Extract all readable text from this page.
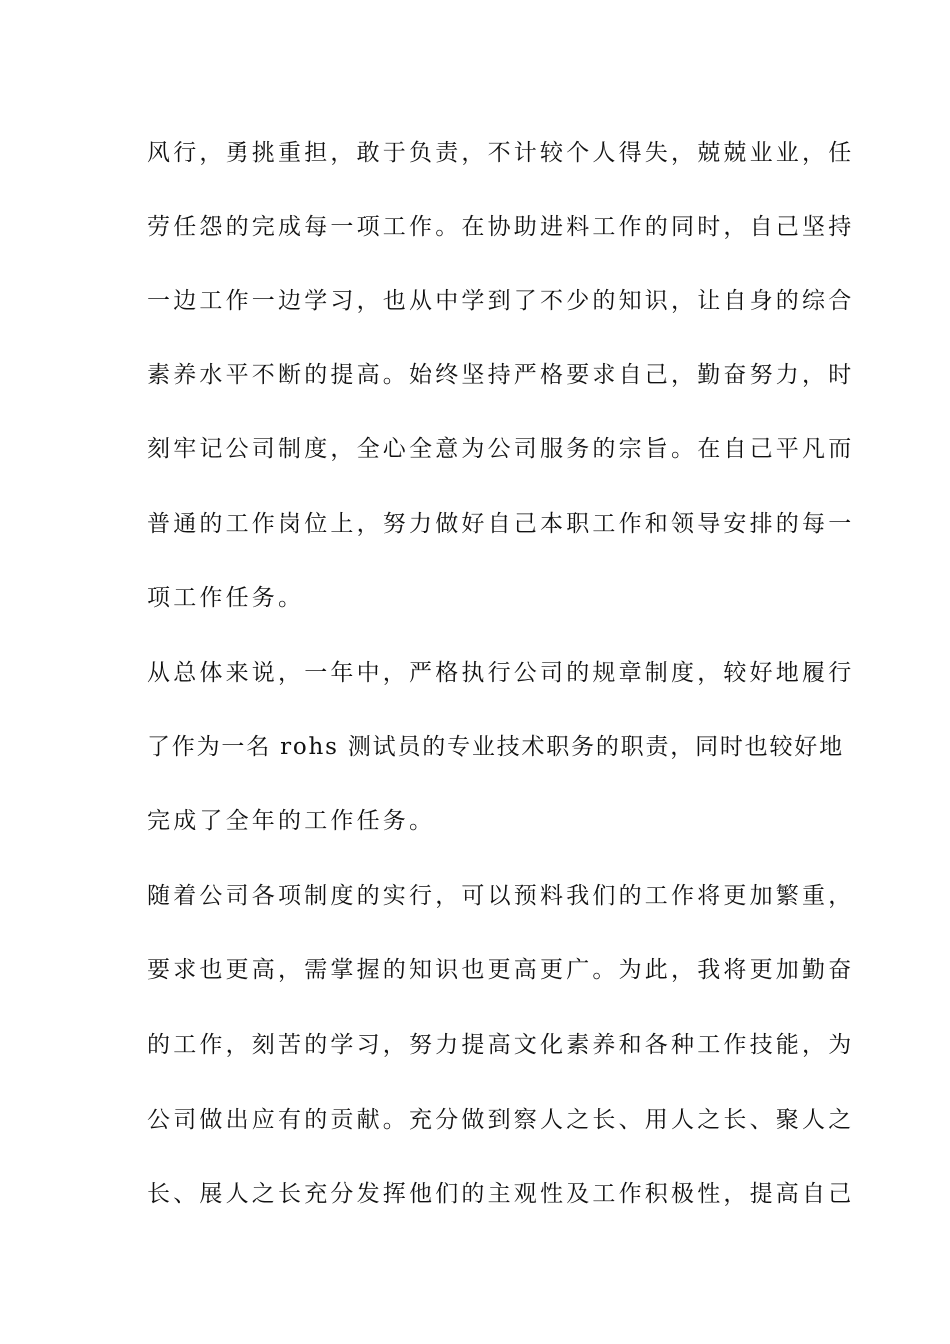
风行，勇挑重担，敢于负责，不计较个人得失，兢兢业业，任
劳任怨的完成每一项工作。在协助进料工作的同时，自己坚持
一边工作一边学习，也从中学到了不少的知识，让自身的综合
素养水平不断的提高。始终坚持严格要求自己，勤奋努力，时
刻牢记公司制度，全心全意为公司服务的宗旨。在自己平凡而
普通的工作岗位上，努力做好自己本职工作和领导安排的每一
项工作任务。
从总体来说，一年中，严格执行公司的规章制度，较好地履行
了作为一名 rohs 测试员的专业技术职务的职责，同时也较好地
完成了全年的工作任务。
随着公司各项制度的实行，可以预料我们的工作将更加繁重，
要求也更高，需掌握的知识也更高更广。为此，我将更加勤奋
的工作，刻苦的学习，努力提高文化素养和各种工作技能，为
公司做出应有的贡献。充分做到察人之长、用人之长、聚人之
长、展人之长充分发挥他们的主观性及工作积极性，提高自己
